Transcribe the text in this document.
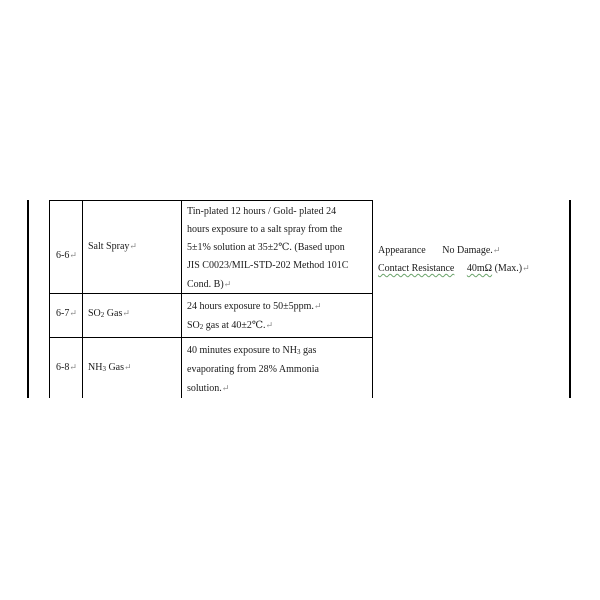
6-6↵
Salt Spray↵
Tin-plated 12 hours / Gold- plated 24
hours exposure to a salt spray from the
5±1% solution at 35±2℃. (Based upon
JIS C0023/MIL-STD-202 Method 101C
Cond. B)↵
6-7↵ $SO_2$ Gas↵
24 hours exposure to 50±5ppm.↵
$SO_2$ gas at 40±2℃.↵
6-8↵ $NH_3$ Gas↵
40 minutes exposure to $NH_3$ gas
evaporating from 28% Ammonia
solution.↵
Appearance No Damage.↵
Contact Resistance 40mΩ (Max.)↵
